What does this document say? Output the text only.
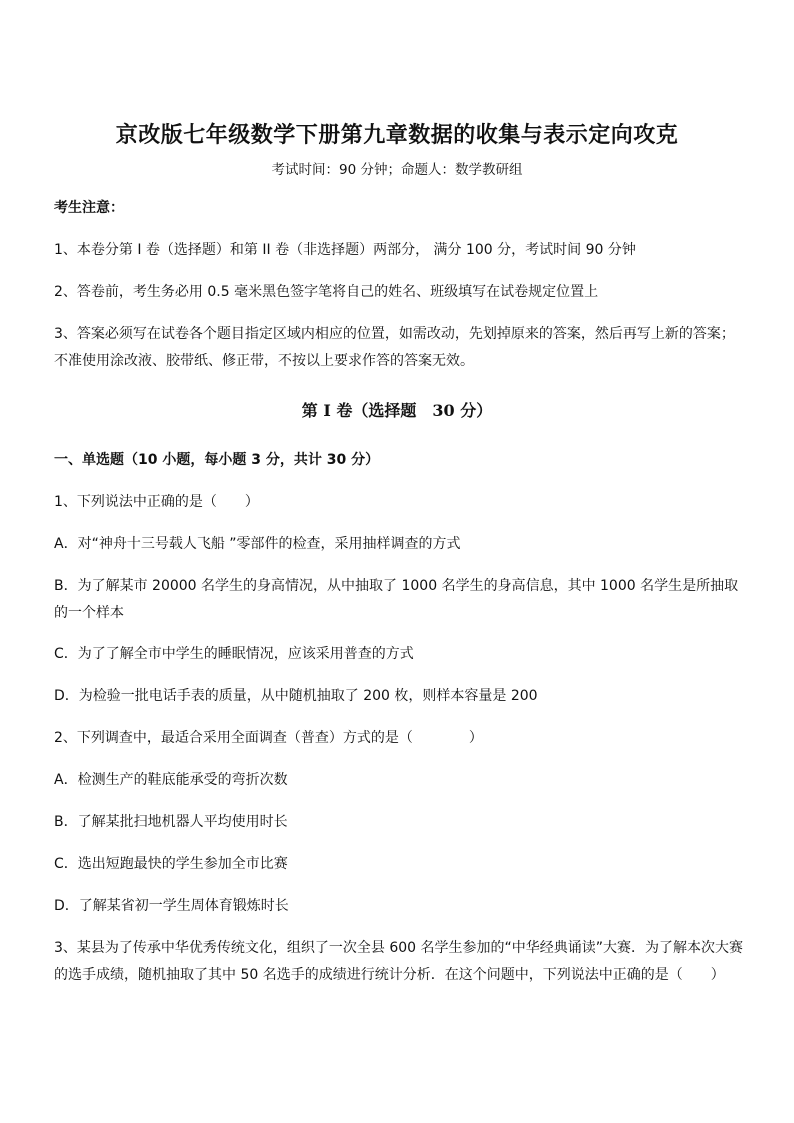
京改版七年级数学下册第九章数据的收集与表示定向攻克
考试时间：90 分钟；命题人：数学教研组
考生注意：
1、本卷分第 I 卷（选择题）和第 II 卷（非选择题）两部分， 满分 100 分，考试时间 90 分钟
2、答卷前，考生务必用 0.5 毫米黑色签字笔将自己的姓名、班级填写在试卷规定位置上
3、答案必须写在试卷各个题目指定区域内相应的位置，如需改动，先划掉原来的答案，然后再写上新的答案；不准使用涂改液、胶带纸、修正带，不按以上要求作答的答案无效。
第 I 卷（选择题　30 分）
一、单选题（10 小题，每小题 3 分，共计 30 分）
1、下列说法中正确的是（　　）
A．对“神舟十三号载人飞船 ”零部件的检查，采用抽样调查的方式
B．为了解某市 20000 名学生的身高情况，从中抽取了 1000 名学生的身高信息，其中 1000 名学生是所抽取的一个样本
C．为了了解全市中学生的睡眠情况，应该采用普查的方式
D．为检验一批电话手表的质量，从中随机抽取了 200 枚，则样本容量是 200
2、下列调查中，最适合采用全面调查（普查）方式的是（　　　　）
A．检测生产的鞋底能承受的弯折次数
B．了解某批扫地机器人平均使用时长
C．选出短跑最快的学生参加全市比赛
D．了解某省初一学生周体育锻炼时长
3、某县为了传承中华优秀传统文化，组织了一次全县 600 名学生参加的“中华经典诵读”大赛．为了解本次大赛的选手成绩，随机抽取了其中 50 名选手的成绩进行统计分析．在这个问题中，下列说法中正确的是（　　）
